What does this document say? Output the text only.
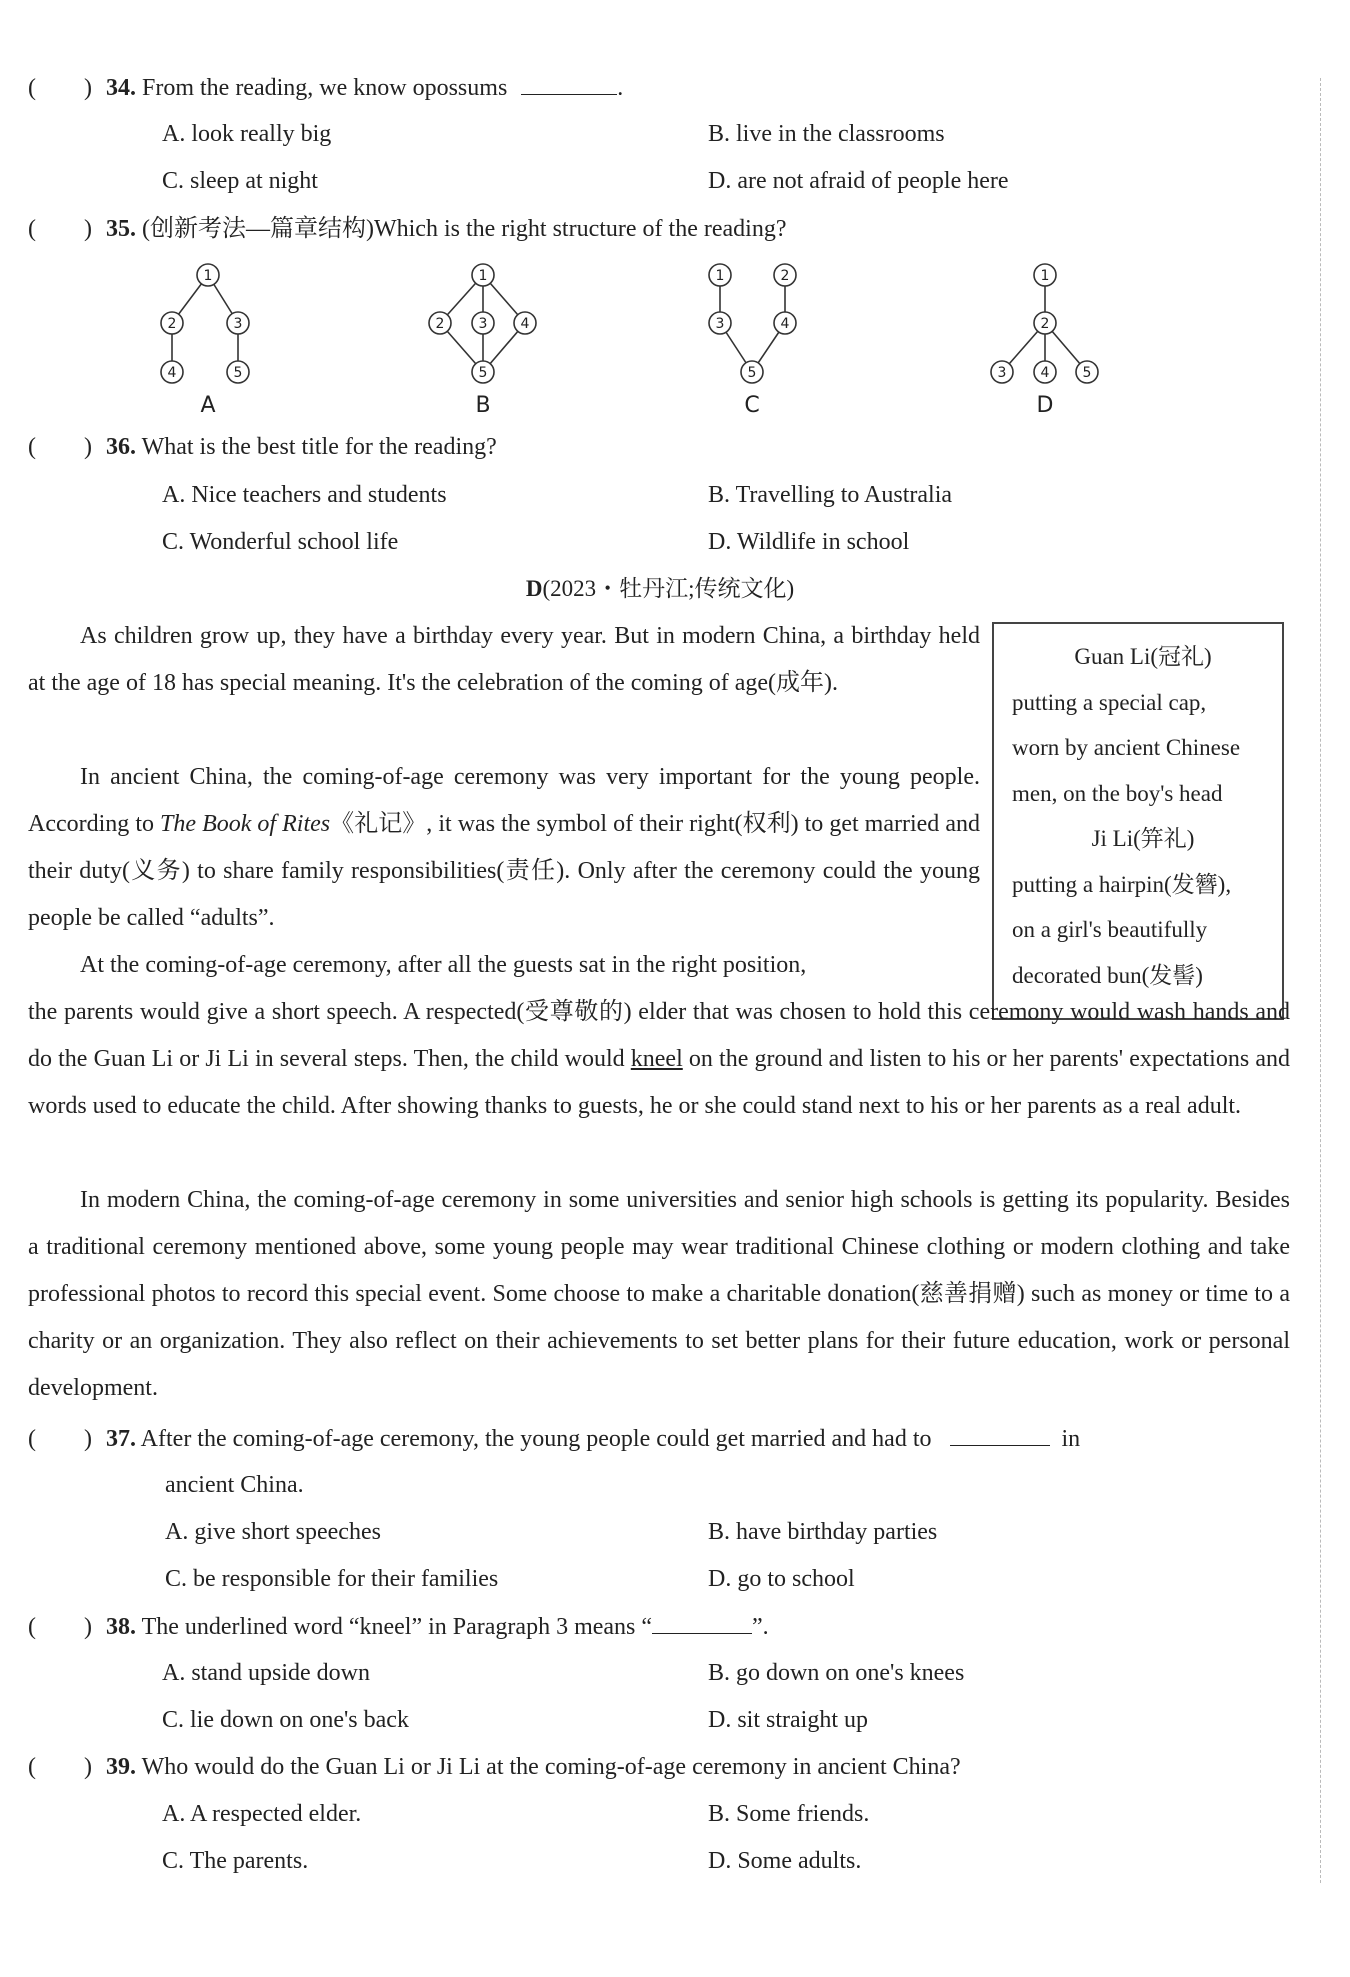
(　　) 34. From the reading, we know opossums	.
A. look really big	B. live in the classrooms
C. sleep at night	D. are not afraid of people here
(　　) 35. (创新考法—篇章结构)Which is the right structure of the reading?
1
2	3
4	5
1
2 3 4
5
1	2
3	4
5
1
2
3 4 5
A	B	C	D
(　　) 36. What is the best title for the reading?
A. Nice teachers and students	B. Travelling to Australia
C. Wonderful school life	D. Wildlife in school
D(2023・牡丹江;传统文化)
Guan Li(冠礼)
putting a special cap,
worn by ancient Chinese
men, on the boy's head
Ji Li(笄礼)
putting a hairpin(发簪),
on a girl's beautifully
decorated bun(发髻)
As children grow up, they have a birthday every year. But in modern China, a birthday held at the age of 18 has special meaning. It's the celebration of the coming of age(成年).
In ancient China, the coming-of-age ceremony was very important for the young people. According to The Book of Rites《礼记》, it was the symbol of their right(权利) to get married and their duty(义务) to share family responsibilities(责任). Only after the ceremony could the young people be called “adults”.
At the coming-of-age ceremony, after all the guests sat in the right position,
the parents would give a short speech. A respected(受尊敬的) elder that was chosen to hold this ceremony would wash hands and do the Guan Li or Ji Li in several steps. Then, the child would kneel on the ground and listen to his or her parents' expectations and words used to educate the child. After showing thanks to guests, he or she could stand next to his or her parents as a real adult.
In modern China, the coming-of-age ceremony in some universities and senior high schools is getting its popularity. Besides a traditional ceremony mentioned above, some young people may wear traditional Chinese clothing or modern clothing and take professional photos to record this special event. Some choose to make a charitable donation(慈善捐赠) such as money or time to a charity or an organization. They also reflect on their achievements to set better plans for their future education, work or personal development.
(　　) 37. After the coming-of-age ceremony, the young people could get married and had to	in
ancient China.
A. give short speeches	B. have birthday parties
C. be responsible for their families	D. go to school
(　　) 38. The underlined word “kneel” in Paragraph 3 means “	”.
A. stand upside down	B. go down on one's knees
C. lie down on one's back	D. sit straight up
(　　) 39. Who would do the Guan Li or Ji Li at the coming-of-age ceremony in ancient China?
A. A respected elder.	B. Some friends.
C. The parents.	D. Some adults.
